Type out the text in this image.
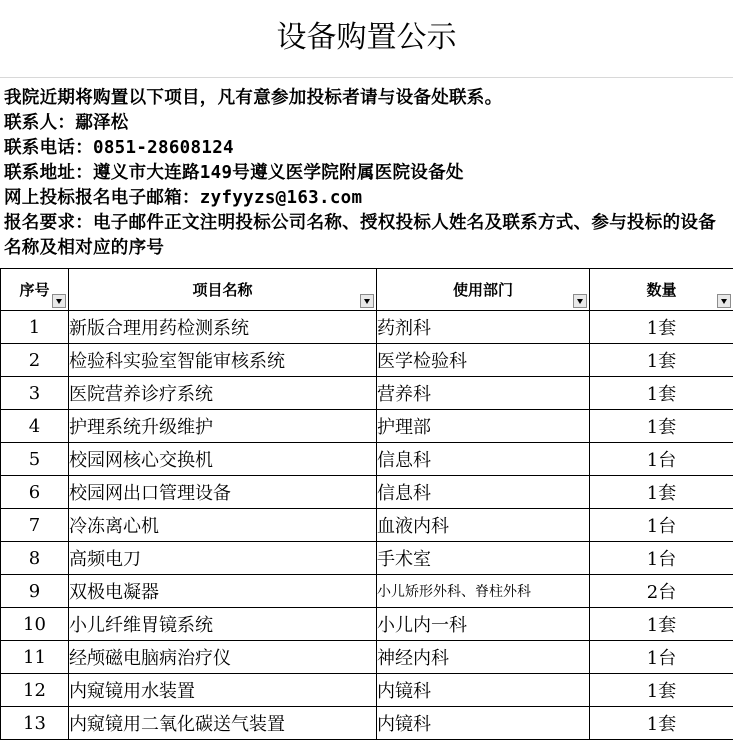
设备购置公示
我院近期将购置以下项目，凡有意参加投标者请与设备处联系。
联系人：鄢泽松
联系电话：0851-28608124
联系地址：遵义市大连路149号遵义医学院附属医院设备处
网上投标报名电子邮箱：zyfyyzs@163.com
报名要求：电子邮件正文注明投标公司名称、授权投标人姓名及联系方式、参与投标的设备名称及相对应的序号
序号	项目名称	使用部门	数量

1	新版合理用药检测系统	药剂科	1套
2	检验科实验室智能审核系统	医学检验科	1套
3	医院营养诊疗系统	营养科	1套
4	护理系统升级维护	护理部	1套
5	校园网核心交换机	信息科	1台
6	校园网出口管理设备	信息科	1套
7	冷冻离心机	血液内科	1台
8	高频电刀	手术室	1台
9	双极电凝器	小儿矫形外科、脊柱外科	2台
10	小儿纤维胃镜系统	小儿内一科	1套
11	经颅磁电脑病治疗仪	神经内科	1台
12	内窥镜用水装置	内镜科	1套
13	内窥镜用二氧化碳送气装置	内镜科	1套
